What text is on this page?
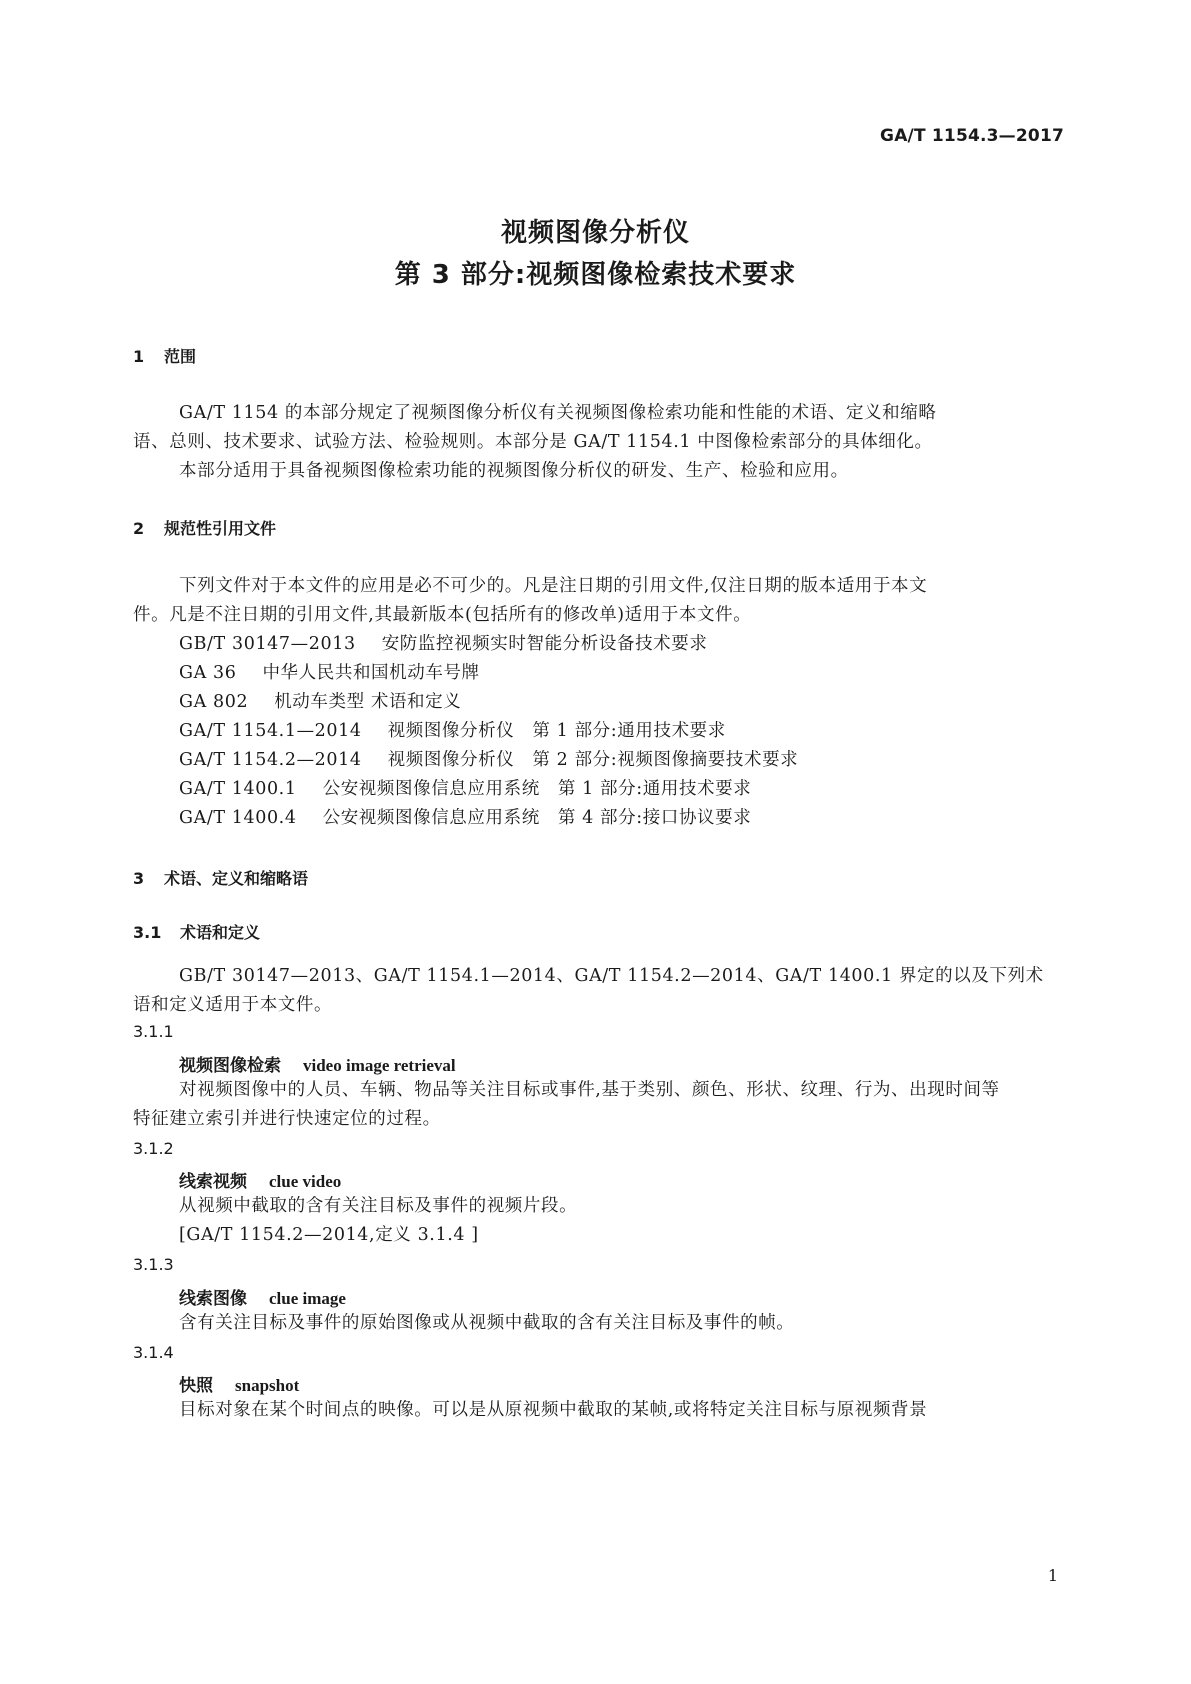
GA/T 1154.3—2017
视频图像分析仪
第 3 部分:视频图像检索技术要求
1 范围
GA/T 1154 的本部分规定了视频图像分析仪有关视频图像检索功能和性能的术语、定义和缩略
语、总则、技术要求、试验方法、检验规则。本部分是 GA/T 1154.1 中图像检索部分的具体细化。
本部分适用于具备视频图像检索功能的视频图像分析仪的研发、生产、检验和应用。
2 规范性引用文件
下列文件对于本文件的应用是必不可少的。凡是注日期的引用文件,仅注日期的版本适用于本文
件。凡是不注日期的引用文件,其最新版本(包括所有的修改单)适用于本文件。
GB/T 30147—2013 安防监控视频实时智能分析设备技术要求
GA 36 中华人民共和国机动车号牌
GA 802 机动车类型 术语和定义
GA/T 1154.1—2014 视频图像分析仪　第 1 部分:通用技术要求
GA/T 1154.2—2014 视频图像分析仪　第 2 部分:视频图像摘要技术要求
GA/T 1400.1 公安视频图像信息应用系统　第 1 部分:通用技术要求
GA/T 1400.4 公安视频图像信息应用系统　第 4 部分:接口协议要求
3 术语、定义和缩略语
3.1 术语和定义
GB/T 30147—2013、GA/T 1154.1—2014、GA/T 1154.2—2014、GA/T 1400.1 界定的以及下列术
语和定义适用于本文件。
3.1.1
视频图像检索 video image retrieval
对视频图像中的人员、车辆、物品等关注目标或事件,基于类别、颜色、形状、纹理、行为、出现时间等
特征建立索引并进行快速定位的过程。
3.1.2
线索视频 clue video
从视频中截取的含有关注目标及事件的视频片段。
[GA/T 1154.2—2014,定义 3.1.4 ]
3.1.3
线索图像 clue image
含有关注目标及事件的原始图像或从视频中截取的含有关注目标及事件的帧。
3.1.4
快照 snapshot
目标对象在某个时间点的映像。可以是从原视频中截取的某帧,或将特定关注目标与原视频背景
1
